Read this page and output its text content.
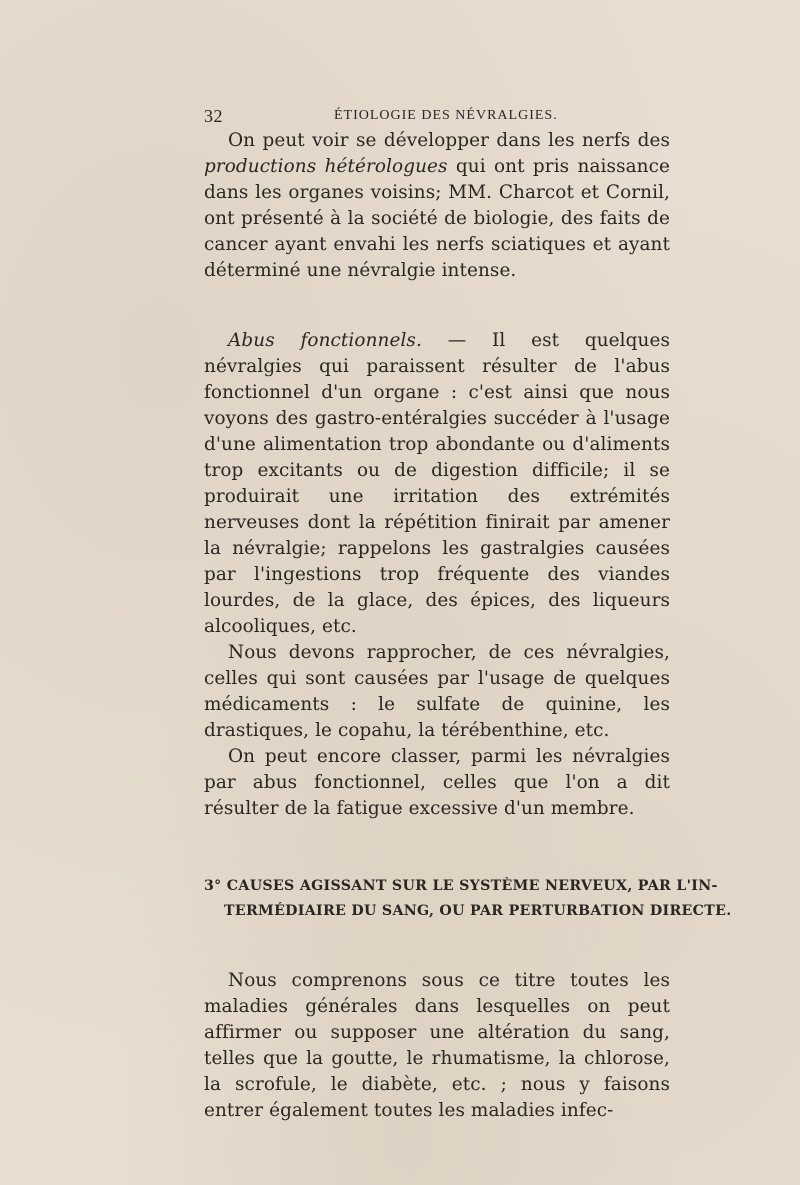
32	ÉTIOLOGIE DES NÉVRALGIES.

On peut voir se développer dans les nerfs des productions hétérologues qui ont pris naissance dans les organes voisins; MM. Charcot et Cornil, ont présenté à la société de biologie, des faits de cancer ayant envahi les nerfs sciatiques et ayant déterminé une névralgie intense.

Abus fonctionnels. — Il est quelques névralgies qui paraissent résulter de l'abus fonctionnel d'un organe : c'est ainsi que nous voyons des gastro-entéralgies succéder à l'usage d'une alimentation trop abondante ou d'aliments trop excitants ou de digestion difficile; il se produirait une irritation des extrémités nerveuses dont la répétition finirait par amener la névralgie; rappelons les gastralgies causées par l'ingestions trop fréquente des viandes lourdes, de la glace, des épices, des liqueurs alcooliques, etc.

Nous devons rapprocher, de ces névralgies, celles qui sont causées par l'usage de quelques médicaments : le sulfate de quinine, les drastiques, le copahu, la térébenthine, etc.

On peut encore classer, parmi les névralgies par abus fonctionnel, celles que l'on a dit résulter de la fatigue excessive d'un membre.

3° CAUSES AGISSANT SUR LE SYSTÈME NERVEUX, PAR L'IN-
TERMÉDIAIRE DU SANG, OU PAR PERTURBATION DIRECTE.

Nous comprenons sous ce titre toutes les maladies générales dans lesquelles on peut affirmer ou supposer une altération du sang, telles que la goutte, le rhumatisme, la chlorose, la scrofule, le diabète, etc. ; nous y faisons entrer également toutes les maladies infec-
